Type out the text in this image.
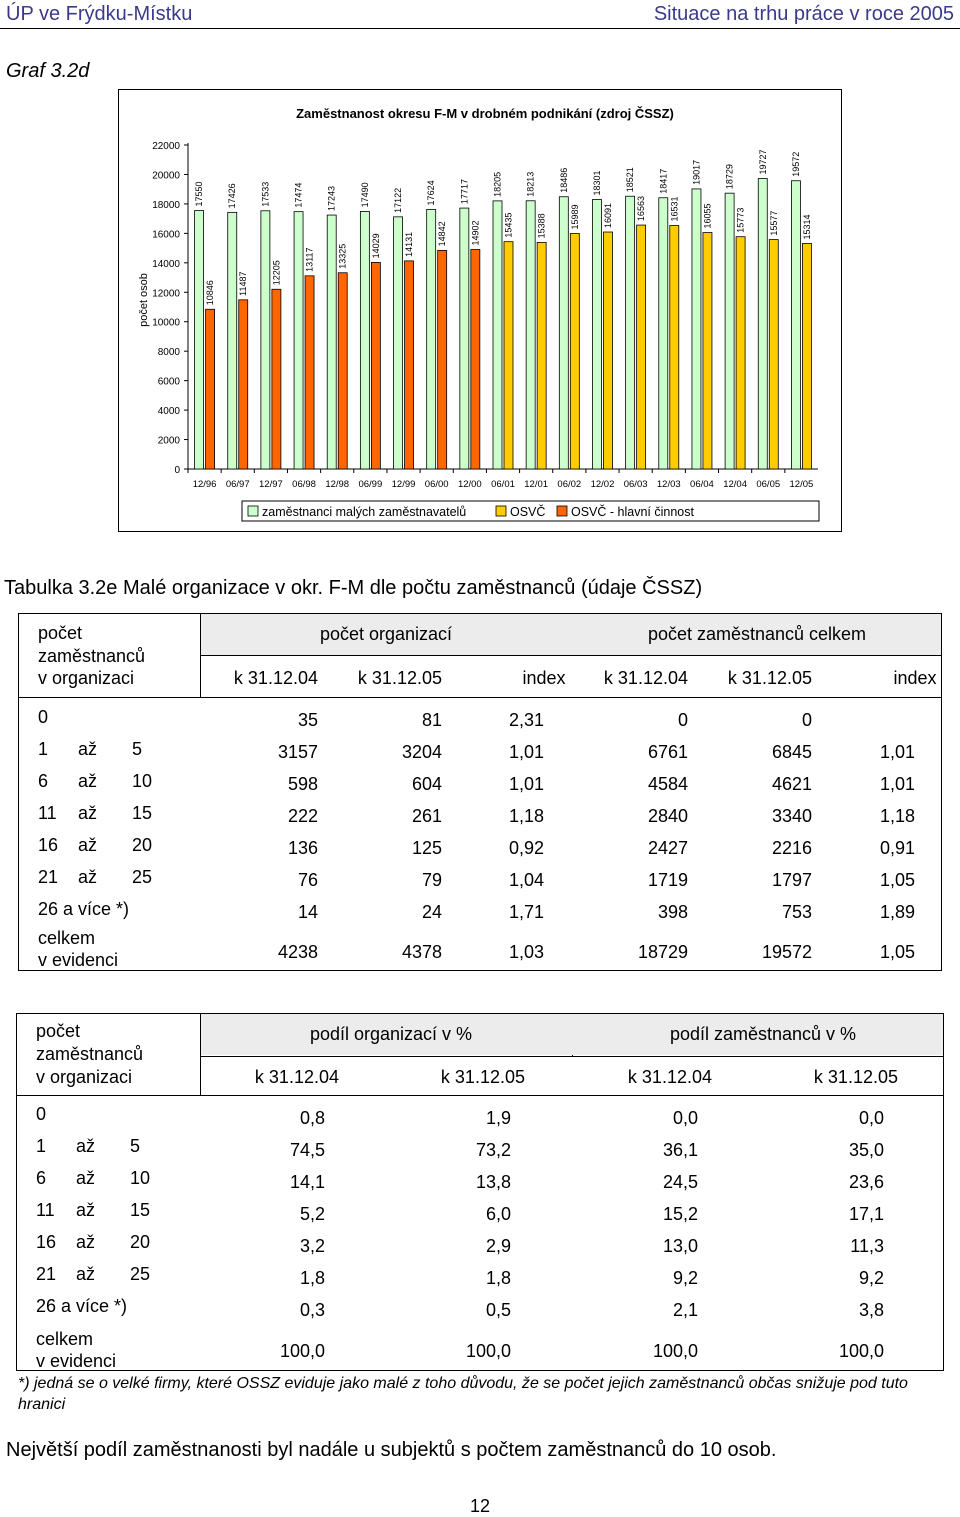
ÚP ve Frýdku-Místku	Situace na trhu práce v roce 2005
Graf 3.2d
Zaměstnanost okresu F-M v drobném podnikání (zdroj ČSSZ)
počet osob
0
2000
4000
6000
8000
10000
12000
14000
16000
18000
20000
22000
12/96
17550
10846
06/97
17426
11487
12/97
17533
12205
06/98
17474
13117
12/98
17243
13325
06/99
17490
14029
12/99
17122
14131
06/00
17624
14842
12/00
17717
14902
06/01
18205
15435
12/01
18213
15388
06/02
18486
15989
12/02
18301
16091
06/03
18521
16563
12/03
18417
16531
06/04
19017
16055
12/04
18729
15773
06/05
19727
15577
12/05
19572
15314
zaměstnanci malých zaměstnavatelů	OSVČ OSVČ - hlavní činnost
Tabulka 3.2e Malé organizace v okr. F-M dle počtu zaměstnanců (údaje ČSSZ)
počet
zaměstnanců
v organizaci
počet organizací	počet zaměstnanců celkem
k 31.12.04	k 31.12.05	index	k 31.12.04	k 31.12.05	index
0	35	81	2,31	0	0
1 až 5	3157	3204	1,01	6761	6845	1,01
6 až 10	598	604	1,01	4584	4621	1,01
11 až 15	222	261	1,18	2840	3340	1,18
16 až 20	136	125	0,92	2427	2216	0,91
21 až 25	76	79	1,04	1719	1797	1,05
26 a více *)	14	24	1,71	398	753	1,89
celkem
v evidenci	4238	4378	1,03	18729	19572	1,05
počet
zaměstnanců
v organizaci
podíl organizací v %	podíl zaměstnanců v %
k 31.12.04	k 31.12.05	k 31.12.04	k 31.12.05
0	0,8	1,9	0,0	0,0
1 až 5	74,5	73,2	36,1	35,0
6 až 10	14,1	13,8	24,5	23,6
11 až 15	5,2	6,0	15,2	17,1
16 až 20	3,2	2,9	13,0	11,3
21 až 25	1,8	1,8	9,2	9,2
26 a více *)	0,3	0,5	2,1	3,8
celkem
v evidenci	100,0	100,0	100,0	100,0
*) jedná se o velké firmy, které OSSZ eviduje jako malé z toho důvodu, že se počet jejich zaměstnanců občas snižuje pod tuto hranici
Největší podíl zaměstnanosti byl nadále u subjektů s počtem zaměstnanců do 10 osob.
12
